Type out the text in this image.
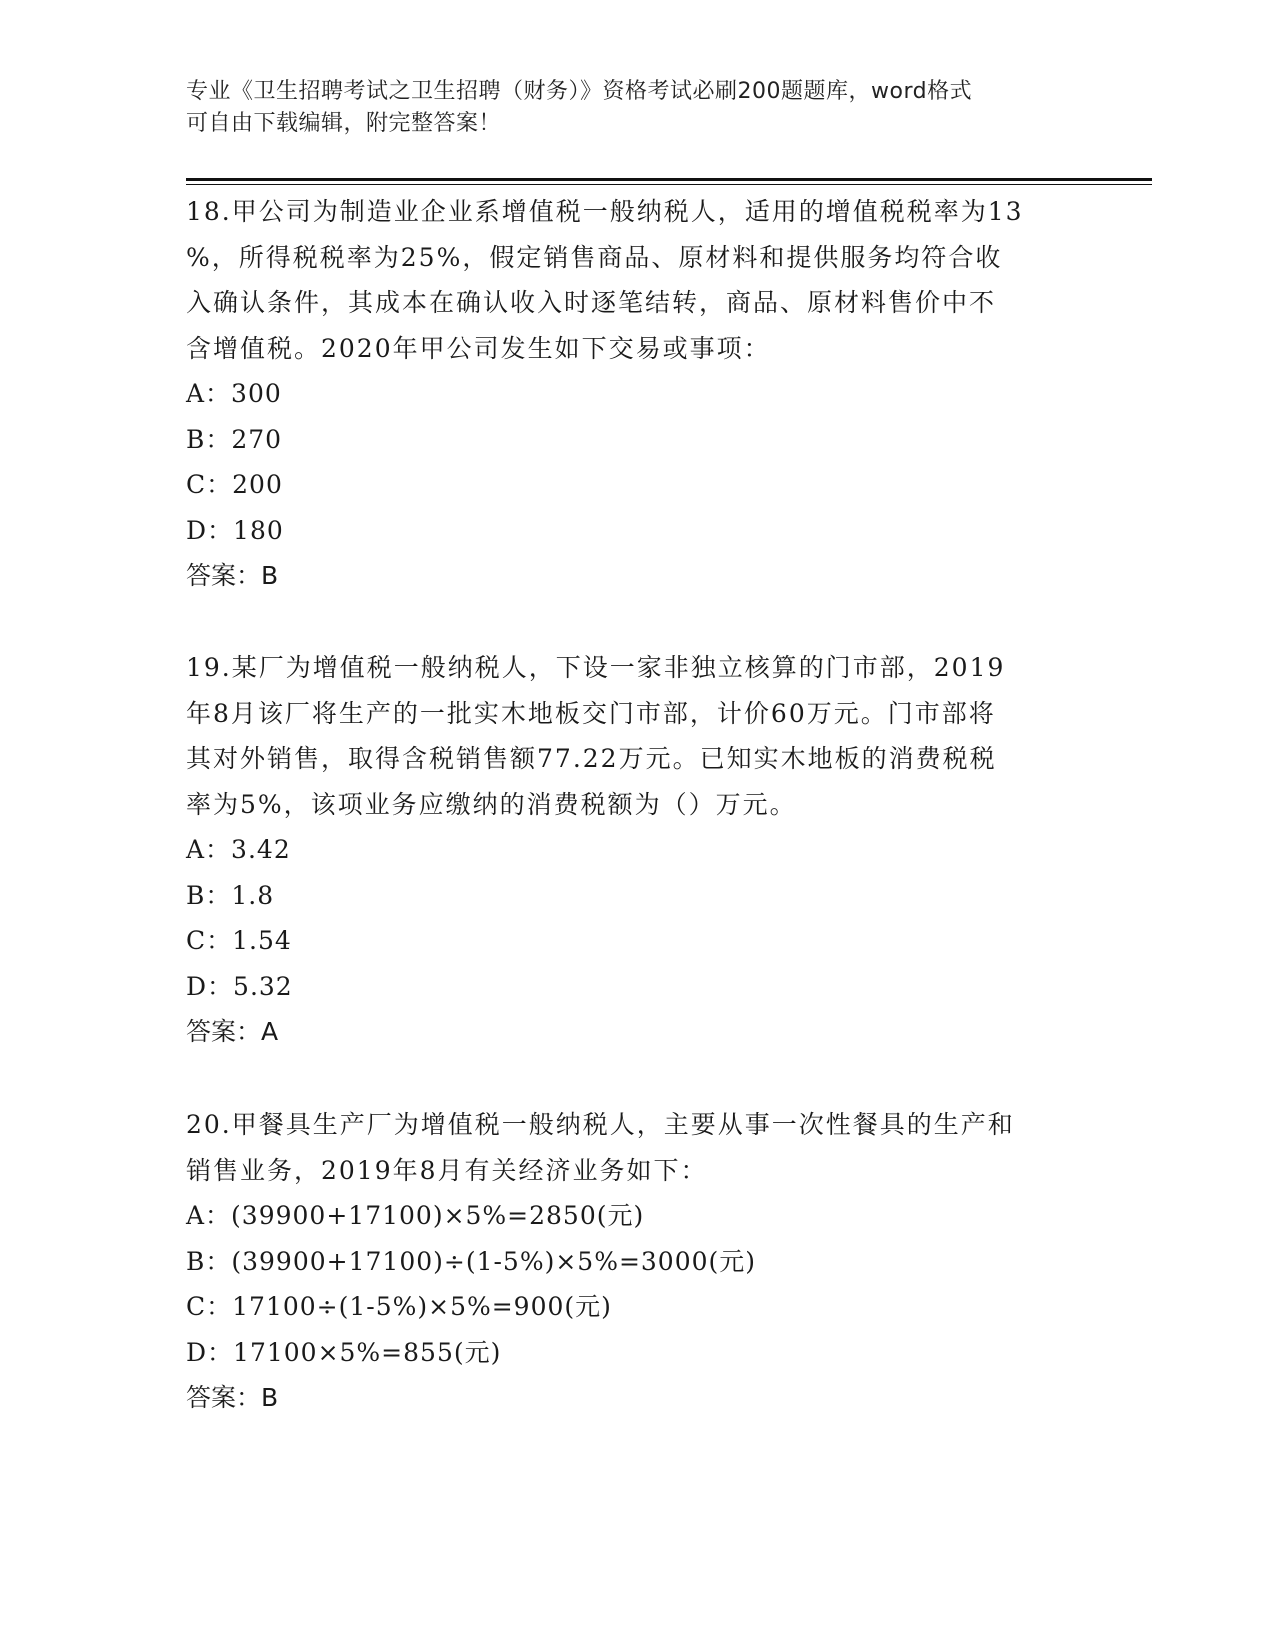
专业《卫生招聘考试之卫生招聘（财务）》资格考试必刷200题题库，word格式
可自由下载编辑，附完整答案！
18.甲公司为制造业企业系增值税一般纳税人，适用的增值税税率为13
%，所得税税率为25%，假定销售商品、原材料和提供服务均符合收
入确认条件，其成本在确认收入时逐笔结转，商品、原材料售价中不
含增值税。2020年甲公司发生如下交易或事项：
A：300
B：270
C：200
D：180
答案：B
19.某厂为增值税一般纳税人，下设一家非独立核算的门市部，2019
年8月该厂将生产的一批实木地板交门市部，计价60万元。门市部将
其对外销售，取得含税销售额77.22万元。已知实木地板的消费税税
率为5%，该项业务应缴纳的消费税额为（）万元。
A：3.42
B：1.8
C：1.54
D：5.32
答案：A
20.甲餐具生产厂为增值税一般纳税人，主要从事一次性餐具的生产和
销售业务，2019年8月有关经济业务如下：
A：(39900+17100)×5%=2850(元)
B：(39900+17100)÷(1-5%)×5%=3000(元)
C：17100÷(1-5%)×5%=900(元)
D：17100×5%=855(元)
答案：B
